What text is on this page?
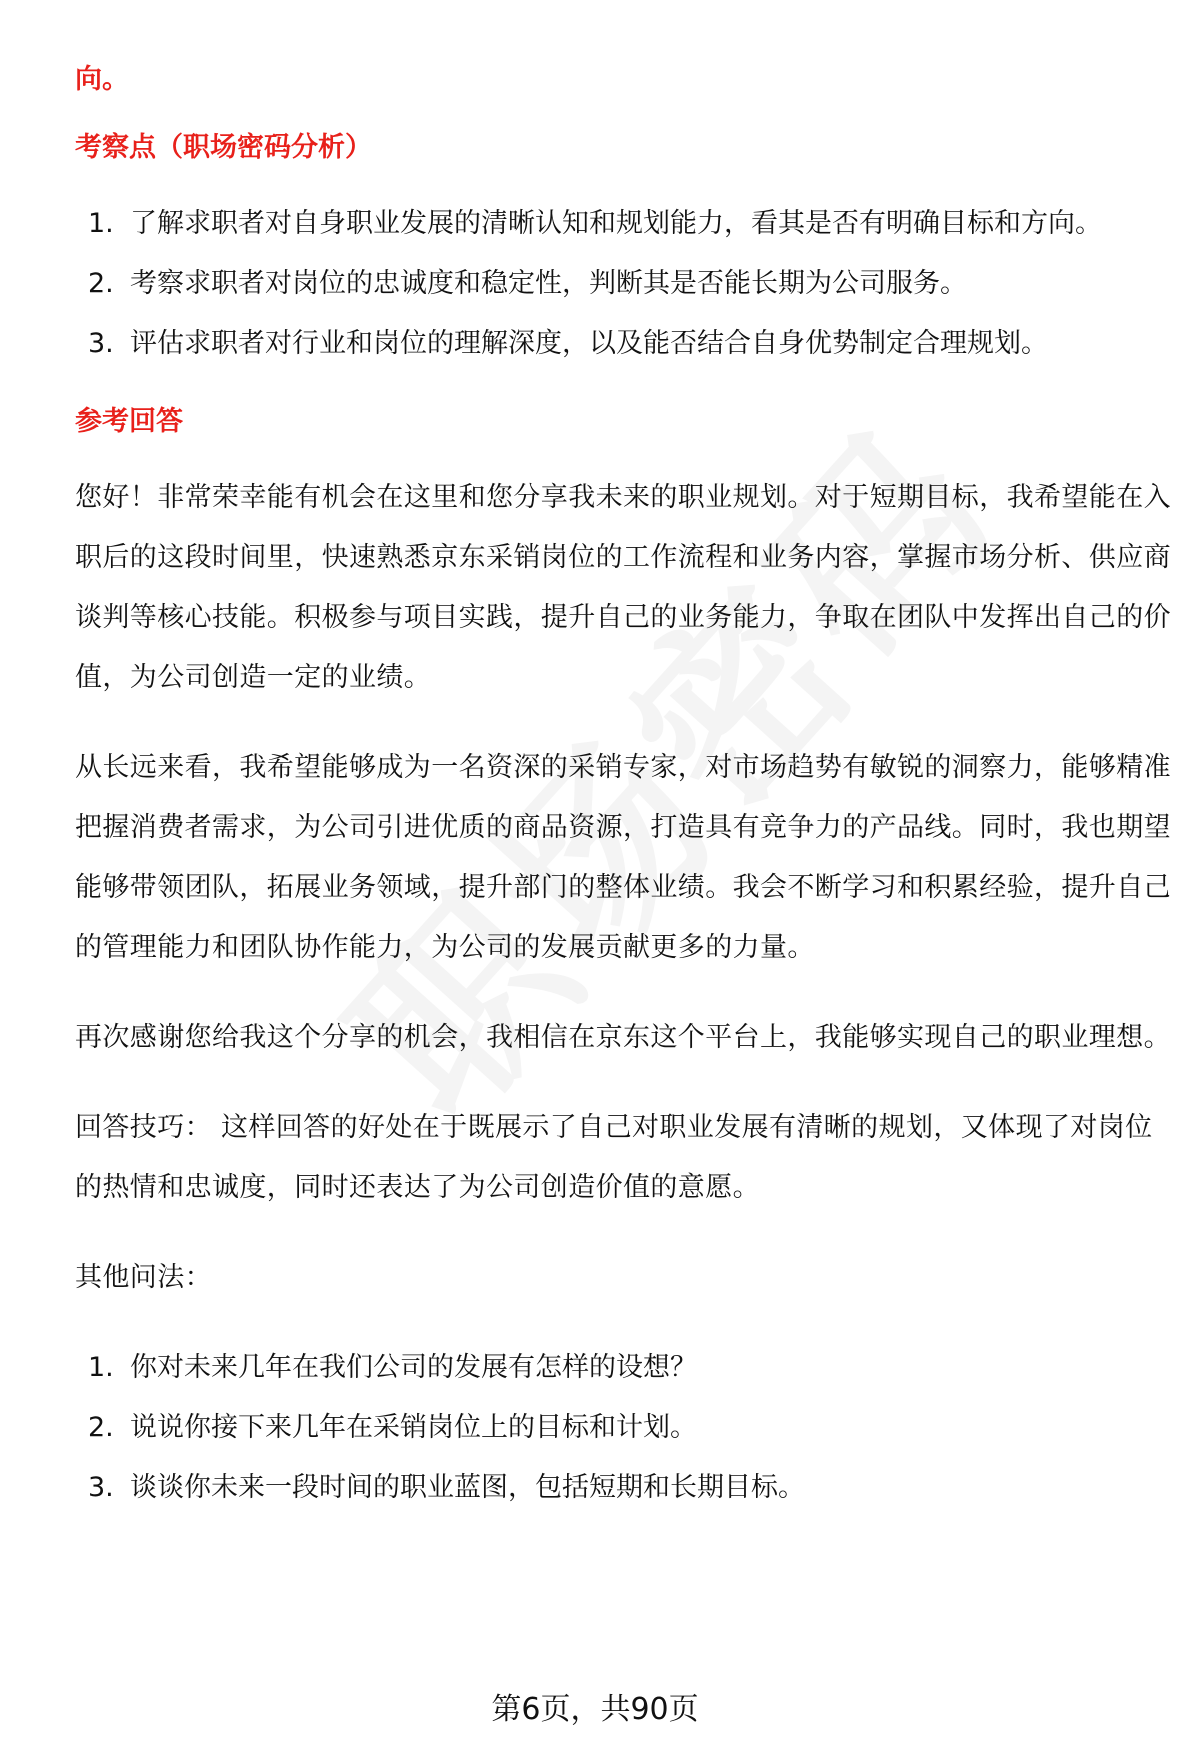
向。
考察点（职场密码分析）
1. 了解求职者对自身职业发展的清晰认知和规划能力，看其是否有明确目标和方向。
2. 考察求职者对岗位的忠诚度和稳定性，判断其是否能长期为公司服务。
3. 评估求职者对行业和岗位的理解深度，以及能否结合自身优势制定合理规划。
参考回答

您好！非常荣幸能有机会在这里和您分享我未来的职业规划。对于短期目标，我希望能在入职后的这段时间里，快速熟悉京东采销岗位的工作流程和业务内容，掌握市场分析、供应商谈判等核心技能。积极参与项目实践，提升自己的业务能力，争取在团队中发挥出自己的价值，为公司创造一定的业绩。

从长远来看，我希望能够成为一名资深的采销专家，对市场趋势有敏锐的洞察力，能够精准把握消费者需求，为公司引进优质的商品资源，打造具有竞争力的产品线。同时，我也期望能够带领团队，拓展业务领域，提升部门的整体业绩。我会不断学习和积累经验，提升自己的管理能力和团队协作能力，为公司的发展贡献更多的力量。

再次感谢您给我这个分享的机会，我相信在京东这个平台上，我能够实现自己的职业理想。

回答技巧： 这样回答的好处在于既展示了自己对职业发展有清晰的规划，又体现了对岗位的热情和忠诚度，同时还表达了为公司创造价值的意愿。

其他问法：

1. 你对未来几年在我们公司的发展有怎样的设想？
2. 说说你接下来几年在采销岗位上的目标和计划。
3. 谈谈你未来一段时间的职业蓝图，包括短期和长期目标。
第6页，共90页
